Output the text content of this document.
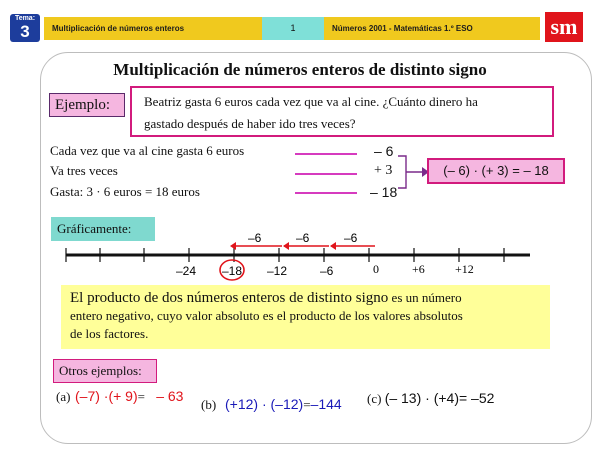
Tema:
3	Multiplicación de números enteros	1	Números 2001 - Matemáticas 1.º ESO	sm
Multiplicación de números enteros de distinto signo
Ejemplo:	Beatriz gasta 6 euros cada vez que va al cine. ¿Cuánto dinero ha
gastado después de haber ido tres veces?
Cada vez que va al cine gasta 6 euros
Va tres veces
Gasta: 3 · 6 euros = 18 euros
– 6
+ 3
– 18
(– 6) · (+ 3) = – 18
Gráficamente:
–6	–6	–6
–24 –18 –12	–6	0	+6	+12
El producto de dos números enteros de distinto signo es un número
entero negativo, cuyo valor absoluto es el producto de los valores absolutos
de los factores.
Otros ejemplos:
(a) (–7) ·(+ 9)= – 63
(b) (+12) · (–12)=–144 (c) (– 13) · (+4)= –52
